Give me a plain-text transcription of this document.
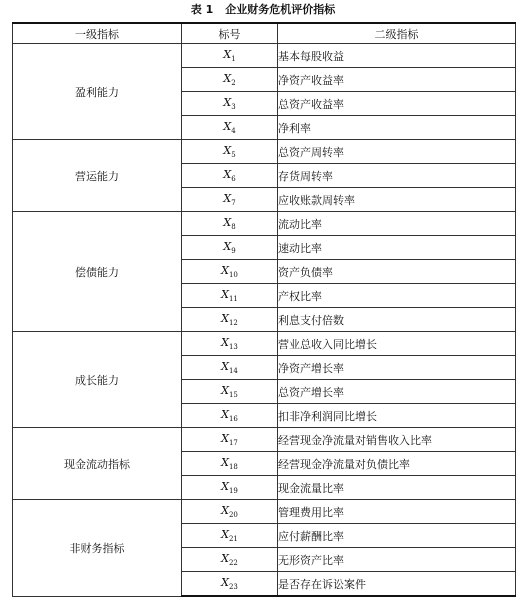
表 1 企业财务危机评价指标
一级指标	标号	二级指标
盈利能力	$X_1$	基本每股收益
	$X_2$	净资产收益率
	$X_3$	总资产收益率
	$X_4$	净利率
营运能力	$X_5$	总资产周转率
	$X_6$	存货周转率
	$X_7$	应收账款周转率
偿债能力	$X_8$	流动比率
	$X_9$	速动比率
	$X_{10}$	资产负债率
	$X_{11}$	产权比率
	$X_{12}$	利息支付倍数
成长能力	$X_{13}$	营业总收入同比增长
	$X_{14}$	净资产增长率
	$X_{15}$	总资产增长率
	$X_{16}$	扣非净利润同比增长
现金流动指标	$X_{17}$	经营现金净流量对销售收入比率
	$X_{18}$	经营现金净流量对负债比率
	$X_{19}$	现金流量比率
非财务指标	$X_{20}$	管理费用比率
	$X_{21}$	应付薪酬比率
	$X_{22}$	无形资产比率
	$X_{23}$	是否存在诉讼案件
